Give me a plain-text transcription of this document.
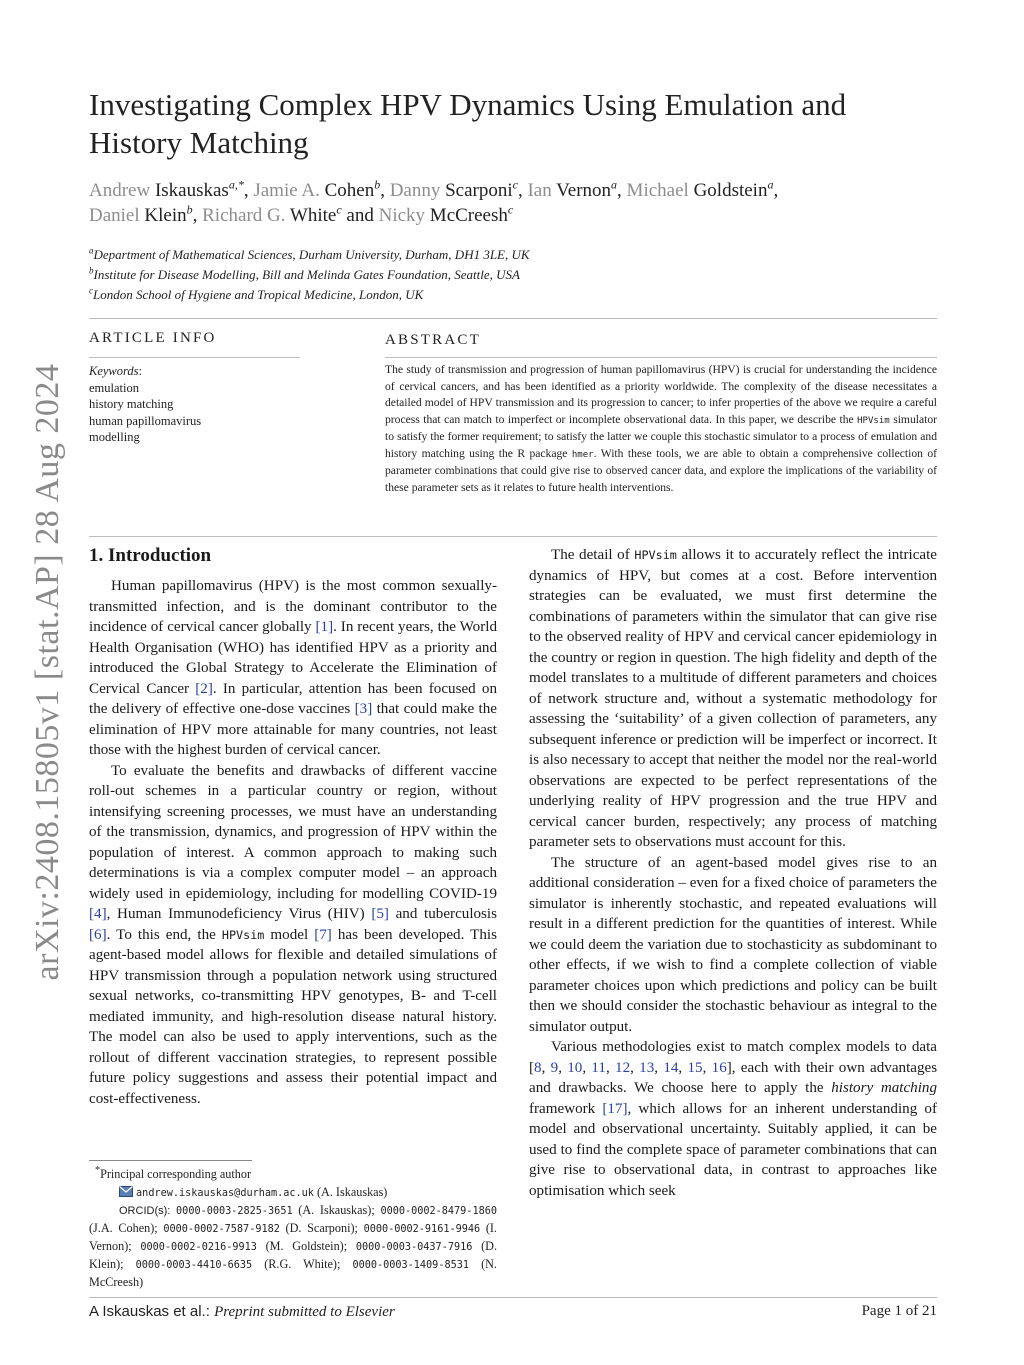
arXiv:2408.15805v1 [stat.AP] 28 Aug 2024
Investigating Complex HPV Dynamics Using Emulation and History Matching
Andrew Iskauskas$^{a,*}$, Jamie A. Cohen$^b$, Danny Scarponi$^c$, Ian Vernon$^a$, Michael Goldstein$^a$,
Daniel Klein$^b$, Richard G. White$^c$ and Nicky McCreesh$^c$
$^a$Department of Mathematical Sciences, Durham University, Durham, DH1 3LE, UK
$^b$Institute for Disease Modelling, Bill and Melinda Gates Foundation, Seattle, USA
$^c$London School of Hygiene and Tropical Medicine, London, UK
ARTICLE INFO
Keywords:
emulation
history matching
human papillomavirus
modelling
ABSTRACT
The study of transmission and progression of human papillomavirus (HPV) is crucial for understanding the incidence of cervical cancers, and has been identified as a priority worldwide. The complexity of the disease necessitates a detailed model of HPV transmission and its progression to cancer; to infer properties of the above we require a careful process that can match to imperfect or incomplete observational data. In this paper, we describe the HPVsim simulator to satisfy the former requirement; to satisfy the latter we couple this stochastic simulator to a process of emulation and history matching using the R package hmer. With these tools, we are able to obtain a comprehensive collection of parameter combinations that could give rise to observed cancer data, and explore the implications of the variability of these parameter sets as it relates to future health interventions.
1. Introduction

Human papillomavirus (HPV) is the most common sexually-transmitted infection, and is the dominant contributor to the incidence of cervical cancer globally [1]. In recent years, the World Health Organisation (WHO) has identified HPV as a priority and introduced the Global Strategy to Accelerate the Elimination of Cervical Cancer [2]. In particular, attention has been focused on the delivery of effective one-dose vaccines [3] that could make the elimination of HPV more attainable for many countries, not least those with the highest burden of cervical cancer.

To evaluate the benefits and drawbacks of different vaccine roll-out schemes in a particular country or region, without intensifying screening processes, we must have an understanding of the transmission, dynamics, and progression of HPV within the population of interest. A common approach to making such determinations is via a complex computer model – an approach widely used in epidemiology, including for modelling COVID-19 [4], Human Immunodeficiency Virus (HIV) [5] and tuberculosis [6]. To this end, the HPVsim model [7] has been developed. This agent-based model allows for flexible and detailed simulations of HPV transmission through a population network using structured sexual networks, co-transmitting HPV genotypes, B- and T-cell mediated immunity, and high-resolution disease natural history. The model can also be used to apply interventions, such as the rollout of different vaccination strategies, to represent possible future policy suggestions and assess their potential impact and cost-effectiveness.

The detail of HPVsim allows it to accurately reflect the intricate dynamics of HPV, but comes at a cost. Before intervention strategies can be evaluated, we must first determine the combinations of parameters within the simulator that can give rise to the observed reality of HPV and cervical cancer epidemiology in the country or region in question. The high fidelity and depth of the model translates to a multitude of different parameters and choices of network structure and, without a systematic methodology for assessing the ‘suitability’ of a given collection of parameters, any subsequent inference or prediction will be imperfect or incorrect. It is also necessary to accept that neither the model nor the real-world observations are expected to be perfect representations of the underlying reality of HPV progression and the true HPV and cervical cancer burden, respectively; any process of matching parameter sets to observations must account for this.

The structure of an agent-based model gives rise to an additional consideration – even for a fixed choice of parameters the simulator is inherently stochastic, and repeated evaluations will result in a different prediction for the quantities of interest. While we could deem the variation due to stochasticity as subdominant to other effects, if we wish to find a complete collection of viable parameter choices upon which predictions and policy can be built then we should consider the stochastic behaviour as integral to the simulator output.

Various methodologies exist to match complex models to data [8, 9, 10, 11, 12, 13, 14, 15, 16], each with their own advantages and drawbacks. We choose here to apply the history matching framework [17], which allows for an inherent understanding of model and observational uncertainty. Suitably applied, it can be used to find the complete space of parameter combinations that can give rise to observational data, in contrast to approaches like optimisation which seek

*Principal corresponding author
andrew.iskauskas@durham.ac.uk (A. Iskauskas)
ORCID(s): 0000-0003-2825-3651 (A. Iskauskas); 0000-0002-8479-1860 (J.A. Cohen); 0000-0002-7587-9182 (D. Scarponi); 0000-0002-9161-9946 (I. Vernon); 0000-0002-0216-9913 (M. Goldstein); 0000-0003-0437-7916 (D. Klein); 0000-0003-4410-6635 (R.G. White); 0000-0003-1409-8531 (N. McCreesh)
A Iskauskas et al.: Preprint submitted to Elsevier	Page 1 of 21
